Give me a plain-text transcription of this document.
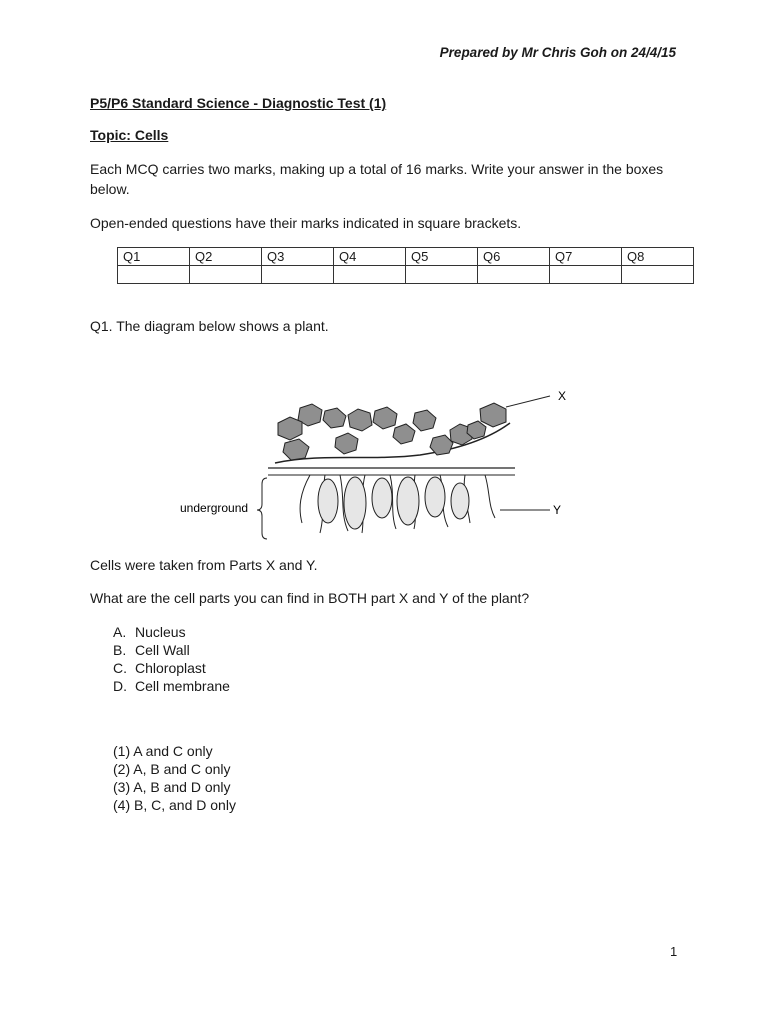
Prepared by Mr Chris Goh on 24/4/15
P5/P6 Standard Science - Diagnostic Test (1)
Topic: Cells
Each MCQ carries two marks, making up a total of 16 marks. Write your answer in the boxes below.
Open-ended questions have their marks indicated in square brackets.
Q1	Q2	Q3	Q4	Q5	Q6	Q7	Q8

Q1. The diagram below shows a plant.
X
Y
underground
Cells were taken from Parts X and Y.
What are the cell parts you can find in BOTH part X and Y of the plant?
A. Nucleus
B. Cell Wall
C. Chloroplast
D. Cell membrane
(1) A and C only
(2) A, B and C only
(3) A, B and D only
(4) B, C, and D only
1
